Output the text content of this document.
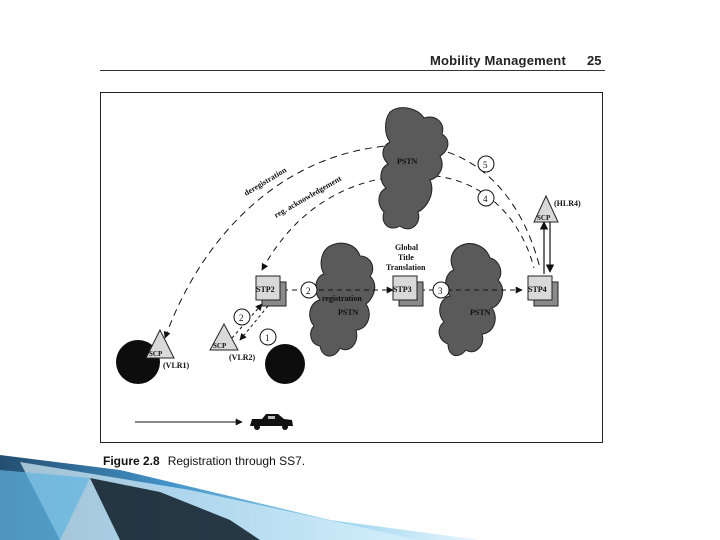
Mobility Management 25
PSTN
registration
PSTN	PSTN
STP2	STP3	STP4
SCP
(HLR4)
SCP
(VLR1)
SCP
(VLR2)
1
2
2	3
4
5
Global
Title
Translation
deregistration
reg. acknowledgement
Figure 2.8 Registration through SS7.
